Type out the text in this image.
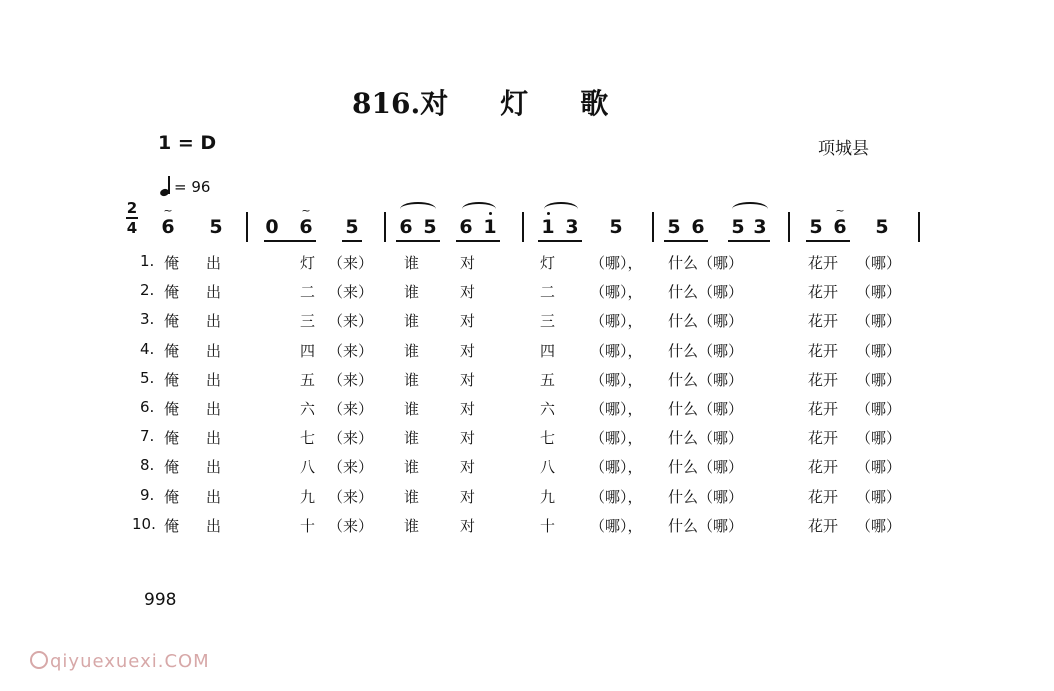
816.对 灯 歌
1 = D	项城县
= 96
2
4 6 5 0 6 5 6 5 6 1 1 3 5 5 6 5 3 5 6 5
~	~	~
1. 俺 出	灯 （来） 谁	对	灯 （哪）， 什么（哪）	花开 （哪）
2. 俺 出	二 （来） 谁	对	二 （哪）， 什么（哪）	花开 （哪）
3. 俺 出	三 （来） 谁	对	三 （哪）， 什么（哪）	花开 （哪）
4. 俺 出	四 （来） 谁	对	四 （哪）， 什么（哪）	花开 （哪）
5. 俺 出	五 （来） 谁	对	五 （哪）， 什么（哪）	花开 （哪）
6. 俺 出	六 （来） 谁	对	六 （哪）， 什么（哪）	花开 （哪）
7. 俺 出	七 （来） 谁	对	七 （哪）， 什么（哪）	花开 （哪）
8. 俺 出	八 （来） 谁	对	八 （哪）， 什么（哪）	花开 （哪）
9. 俺 出	九 （来） 谁	对	九 （哪）， 什么（哪）	花开 （哪）
10. 俺 出	十 （来） 谁	对	十 （哪）， 什么（哪）	花开 （哪）
998
qiyuexuexi.COM
